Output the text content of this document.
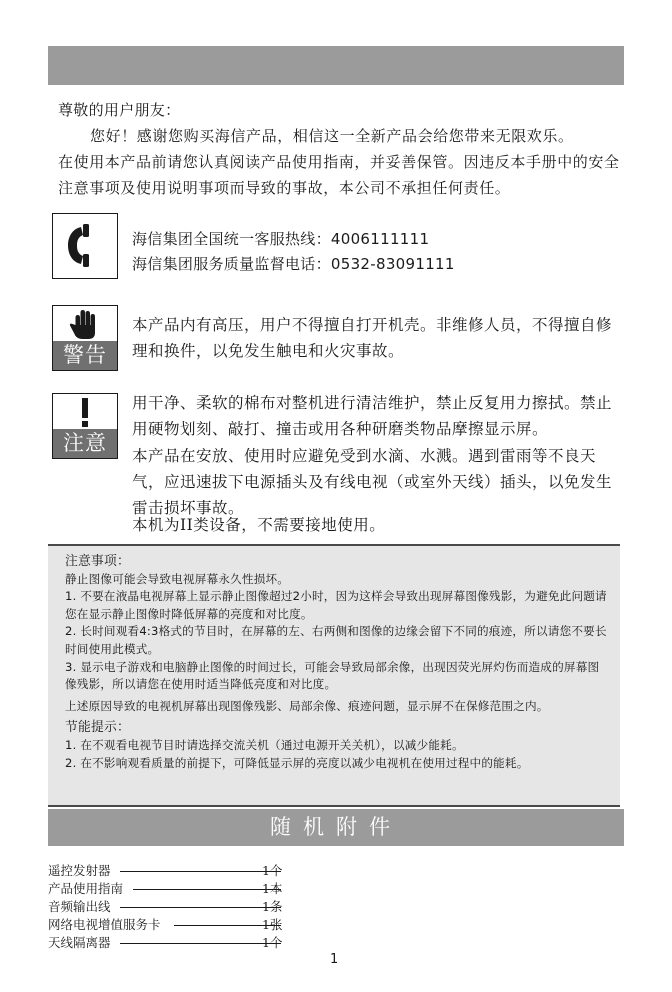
尊敬的用户朋友：

您好！感谢您购买海信产品，相信这一全新产品会给您带来无限欢乐。

在使用本产品前请您认真阅读产品使用指南，并妥善保管。因违反本手册中的安全注意事项及使用说明事项而导致的事故，本公司不承担任何责任。

海信集团全国统一客服热线：4006111111
海信集团服务质量监督电话：0532-83091111
警告
本产品内有高压，用户不得擅自打开机壳。非维修人员，不得擅自修理和换件，以免发生触电和火灾事故。
注意

用干净、柔软的棉布对整机进行清洁维护，禁止反复用力擦拭。禁止用硬物划刻、敲打、撞击或用各种研磨类物品摩擦显示屏。

本产品在安放、使用时应避免受到水滴、水溅。遇到雷雨等不良天气，应迅速拔下电源插头及有线电视（或室外天线）插头，以免发生雷击损坏事故。

本机为II类设备，不需要接地使用。

注意事项：

静止图像可能会导致电视屏幕永久性损坏。

1. 不要在液晶电视屏幕上显示静止图像超过2小时，因为这样会导致出现屏幕图像残影，为避免此问题请您在显示静止图像时降低屏幕的亮度和对比度。

2. 长时间观看4:3格式的节目时，在屏幕的左、右两侧和图像的边缘会留下不同的痕迹，所以请您不要长时间使用此模式。

3. 显示电子游戏和电脑静止图像的时间过长，可能会导致局部余像，出现因荧光屏灼伤而造成的屏幕图像残影，所以请您在使用时适当降低亮度和对比度。

上述原因导致的电视机屏幕出现图像残影、局部余像、痕迹问题，显示屏不在保修范围之内。

节能提示：

1. 在不观看电视节目时请选择交流关机（通过电源开关关机），以减少能耗。

2. 在不影响观看质量的前提下，可降低显示屏的亮度以减少电视机在使用过程中的能耗。

随机附件
遥控发射器	1个
产品使用指南	1本
音频输出线	1条
网络电视增值服务卡	1张
天线隔离器	1个
1
